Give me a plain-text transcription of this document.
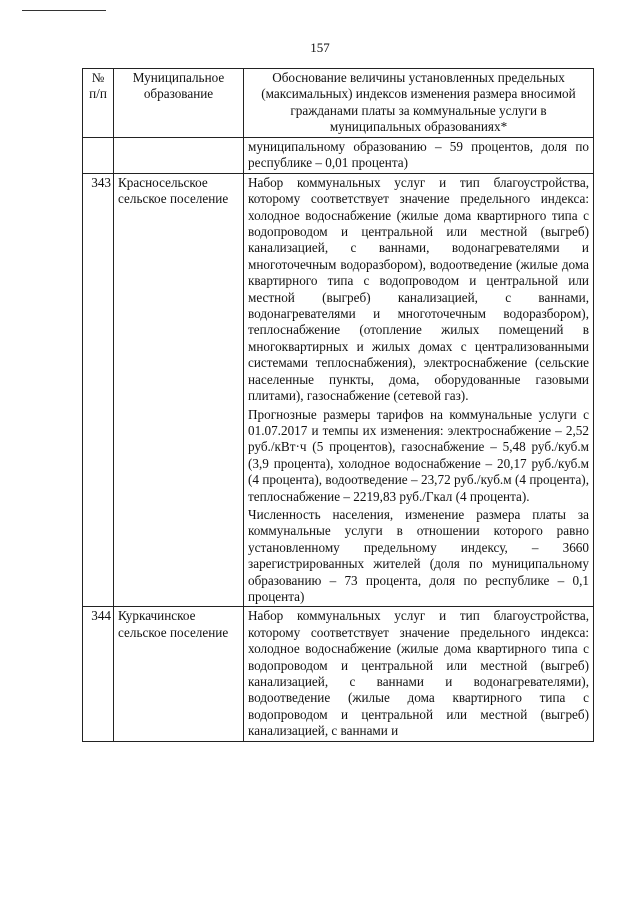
157
№ п/п	Муниципальное образование	Обоснование величины установленных предельных (максимальных) индексов изменения размера вносимой гражданами платы за коммунальные услуги в муниципальных образованиях*

		муниципальному образованию – 59 процентов, доля по республике – 0,01 процента)

343	Красносельское сельское поселение	Набор коммунальных услуг и тип благоустройства, которому соответствует значение предельного индекса: холодное водоснабжение (жилые дома квартирного типа с водопроводом и центральной или местной (выгреб) канализацией, с ваннами, водонагревателями и многоточечным водоразбором), водоотведение (жилые дома квартирного типа с водопроводом и центральной или местной (выгреб) канализацией, с ваннами, водонагревателями и многоточечным водоразбором), теплоснабжение (отопление жилых помещений в многоквартирных и жилых домах с централизованными системами теплоснабжения), электроснабжение (сельские населенные пункты, дома, оборудованные газовыми плитами), газоснабжение (сетевой газ).

Прогнозные размеры тарифов на коммунальные услуги с 01.07.2017 и темпы их изменения: электроснабжение – 2,52 руб./кВт·ч (5 процентов), газоснабжение – 5,48 руб./куб.м (3,9 процента), холодное водоснабжение – 20,17 руб./куб.м (4 процента), водоотведение – 23,72 руб./куб.м (4 процента), теплоснабжение – 2219,83 руб./Гкал (4 процента).

Численность населения, изменение размера платы за коммунальные услуги в отношении которого равно установленному предельному индексу, – 3660 зарегистрированных жителей (доля по муниципальному образованию – 73 процента, доля по республике – 0,1 процента)

344	Куркачинское сельское поселение	Набор коммунальных услуг и тип благоустройства, которому соответствует значение предельного индекса: холодное водоснабжение (жилые дома квартирного типа с водопроводом и центральной или местной (выгреб) канализацией, с ваннами и водонагревателями), водоотведение (жилые дома квартирного типа с водопроводом и центральной или местной (выгреб) канализацией, с ваннами и
